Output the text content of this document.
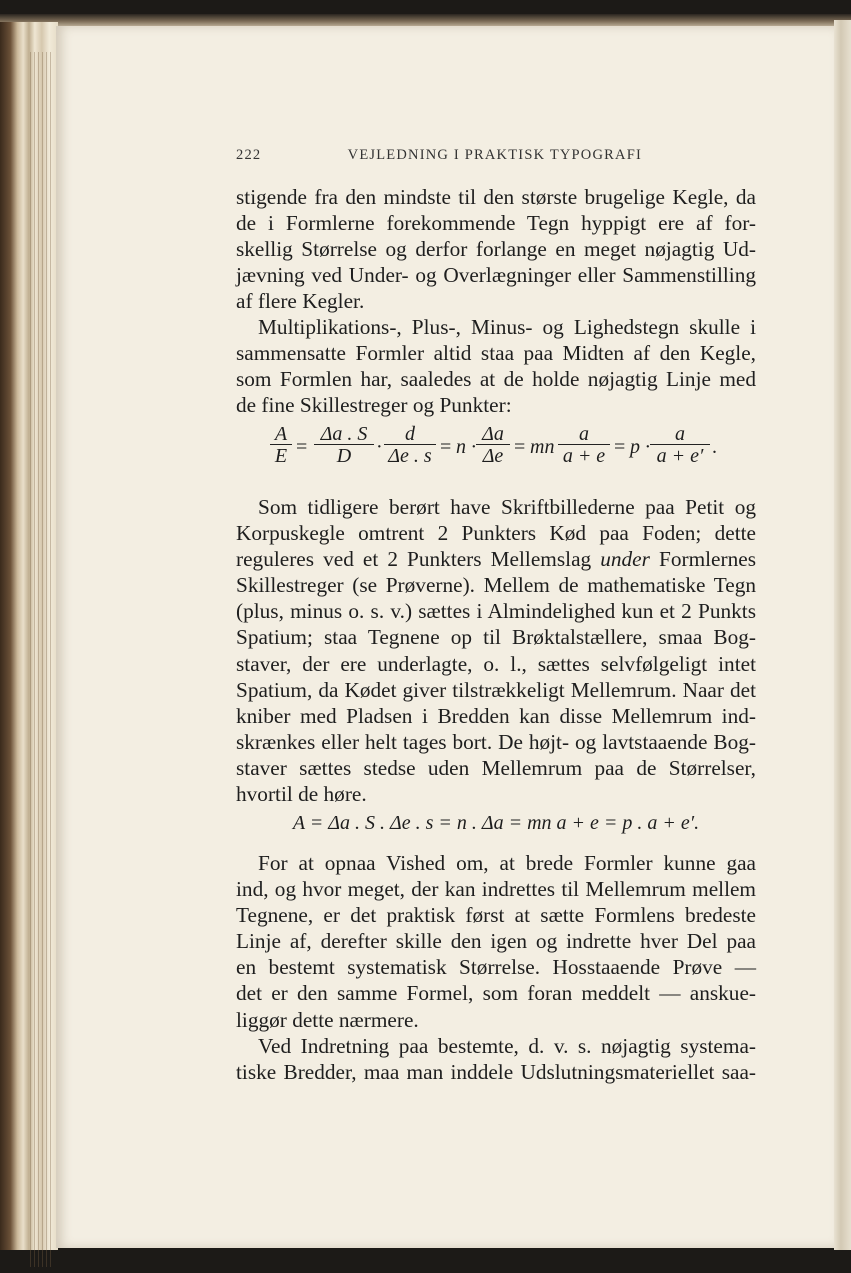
222	VEJLEDNING I PRAKTISK TYPOGRAFI
stigende fra den mindste til den største brugelige Kegle, da
de i Formlerne forekommende Tegn hyppigt ere af for-
skellig Størrelse og derfor forlange en meget nøjagtig Ud-
jævning ved Under- og Overlægninger eller Sammenstilling
af flere Kegler.
Multiplikations-, Plus-, Minus- og Lighedstegn skulle i
sammensatte Formler altid staa paa Midten af den Kegle,
som Formlen har, saaledes at de holde nøjagtig Linje med
de fine Skillestreger og Punkter:
$\frac{A}{E} = \frac{\Delta a . S}{D} \cdot \frac{d}{\Delta e . s} = n \cdot \frac{\Delta a}{\Delta e}$ = mn $\frac{a}{a + e} = p \cdot \frac{a}{a + e'}$ .
Som tidligere berørt have Skriftbillederne paa Petit og
Korpuskegle omtrent 2 Punkters Kød paa Foden; dette
reguleres ved et 2 Punkters Mellemslag under Formlernes
Skillestreger (se Prøverne). Mellem de mathematiske Tegn
(plus, minus o. s. v.) sættes i Almindelighed kun et 2 Punkts
Spatium; staa Tegnene op til Brøktalstællere, smaa Bog-
staver, der ere underlagte, o. l., sættes selvfølgeligt intet
Spatium, da Kødet giver tilstrækkeligt Mellemrum. Naar det
kniber med Pladsen i Bredden kan disse Mellemrum ind-
skrænkes eller helt tages bort. De højt- og lavtstaaende Bog-
staver sættes stedse uden Mellemrum paa de Størrelser,
hvortil de høre.
A = Δa . S . Δe . s = n . Δa = mn a + e = p . a + e′.
For at opnaa Vished om, at brede Formler kunne gaa
ind, og hvor meget, der kan indrettes til Mellemrum mellem
Tegnene, er det praktisk først at sætte Formlens bredeste
Linje af, derefter skille den igen og indrette hver Del paa
en bestemt systematisk Størrelse. Hosstaaende Prøve —
det er den samme Formel, som foran meddelt — anskue-
liggør dette nærmere.
Ved Indretning paa bestemte, d. v. s. nøjagtig systema-
tiske Bredder, maa man inddele Udslutningsmateriellet saa-
